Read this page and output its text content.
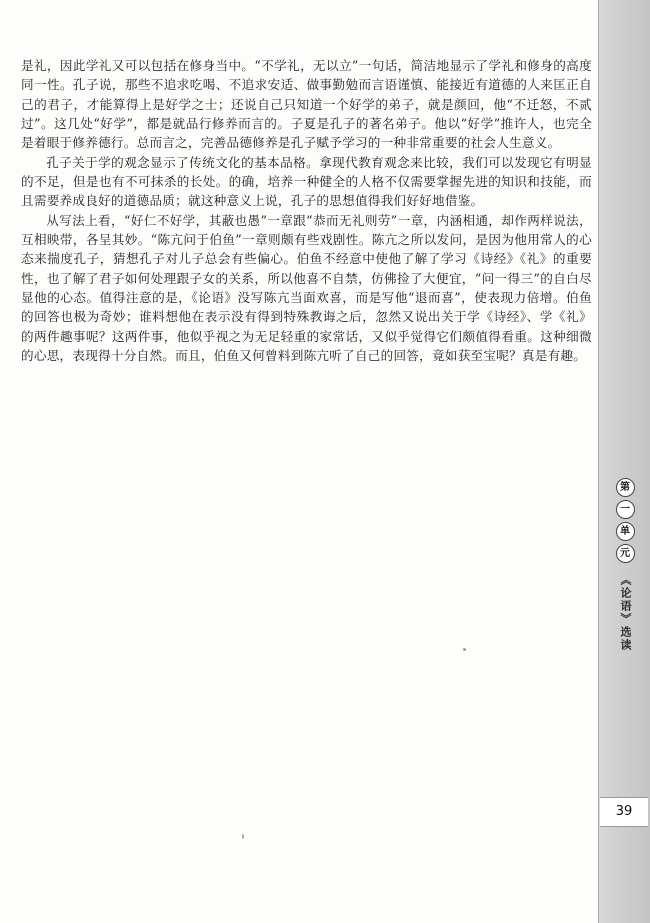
是礼，因此学礼又可以包括在修身当中。“不学礼，无以立”一句话，简洁地显示了学礼和修身的高度同一性。孔子说，那些不追求吃喝、不追求安适、做事勤勉而言语谨慎、能接近有道德的人来匡正自己的君子，才能算得上是好学之士；还说自己只知道一个好学的弟子，就是颜回，他“不迁怒，不贰过”。这几处“好学”，都是就品行修养而言的。子夏是孔子的著名弟子。他以“好学”推许人，也完全是着眼于修养德行。总而言之，完善品德修养是孔子赋予学习的一种非常重要的社会人生意义。

孔子关于学的观念显示了传统文化的基本品格。拿现代教育观念来比较，我们可以发现它有明显的不足，但是也有不可抹杀的长处。的确，培养一种健全的人格不仅需要掌握先进的知识和技能，而且需要养成良好的道德品质；就这种意义上说，孔子的思想值得我们好好地借鉴。

从写法上看，“好仁不好学，其蔽也愚”一章跟“恭而无礼则劳”一章，内涵相通，却作两样说法，互相映带，各呈其妙。“陈亢问于伯鱼”一章则颇有些戏剧性。陈亢之所以发问，是因为他用常人的心态来揣度孔子，猜想孔子对儿子总会有些偏心。伯鱼不经意中使他了解了学习《诗经》《礼》的重要性，也了解了君子如何处理跟子女的关系，所以他喜不自禁，仿佛捡了大便宜，“问一得三”的自白尽显他的心态。值得注意的是，《论语》没写陈亢当面欢喜，而是写他“退而喜”，使表现力倍增。伯鱼的回答也极为奇妙；谁料想他在表示没有得到特殊教诲之后，忽然又说出关于学《诗经》、学《礼》的两件趣事呢？这两件事，他似乎视之为无足轻重的家常话，又似乎觉得它们颇值得看重。这种细微的心思，表现得十分自然。而且，伯鱼又何曾料到陈亢听了自己的回答，竟如获至宝呢？真是有趣。

第
一
单
元
《论语》选读
39
